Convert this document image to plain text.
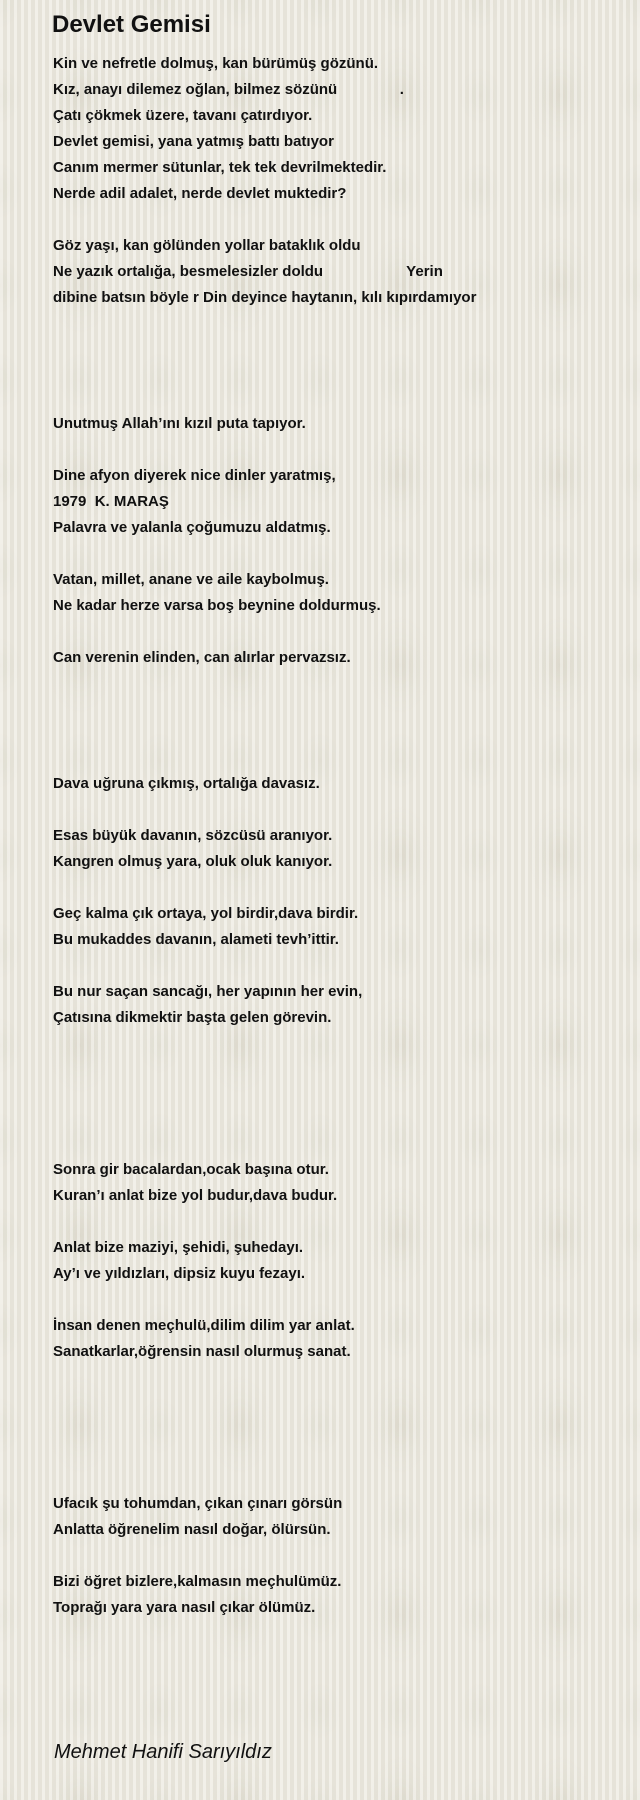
Devlet Gemisi
Kin ve nefretle dolmuş, kan bürümüş gözünü.
Kız, anayı dilemez oğlan, bilmez sözünü               .
Çatı çökmek üzere, tavanı çatırdıyor.
Devlet gemisi, yana yatmış battı batıyor
Canım mermer sütunlar, tek tek devrilmektedir.
Nerde adil adalet, nerde devlet muktedir?
Göz yaşı, kan gölünden yollar bataklık oldu
Ne yazık ortalığa, besmelesizler doldu                    Yerin
dibine batsın böyle r Din deyince haytanın, kılı kıpırdamıyor
Unutmuş Allah’ını kızıl puta tapıyor.
Dine afyon diyerek nice dinler yaratmış,
1979  K. MARAŞ
Palavra ve yalanla çoğumuzu aldatmış.
Vatan, millet, anane ve aile kaybolmuş.
Ne kadar herze varsa boş beynine doldurmuş.
Can verenin elinden, can alırlar pervazsız.
Dava uğruna çıkmış, ortalığa davasız.
Esas büyük davanın, sözcüsü aranıyor.
Kangren olmuş yara, oluk oluk kanıyor.
Geç kalma çık ortaya, yol birdir,dava birdir.
Bu mukaddes davanın, alameti tevh’ittir.
Bu nur saçan sancağı, her yapının her evin,
Çatısına dikmektir başta gelen görevin.
Sonra gir bacalardan,ocak başına otur.
Kuran’ı anlat bize yol budur,dava budur.
Anlat bize maziyi, şehidi, şuhedayı.
Ay’ı ve yıldızları, dipsiz kuyu fezayı.
İnsan denen meçhulü,dilim dilim yar anlat.
Sanatkarlar,öğrensin nasıl olurmuş sanat.
Ufacık şu tohumdan, çıkan çınarı görsün
Anlatta öğrenelim nasıl doğar, ölürsün.
Bizi öğret bizlere,kalmasın meçhulümüz.
Toprağı yara yara nasıl çıkar ölümüz.
Mehmet Hanifi Sarıyıldız
